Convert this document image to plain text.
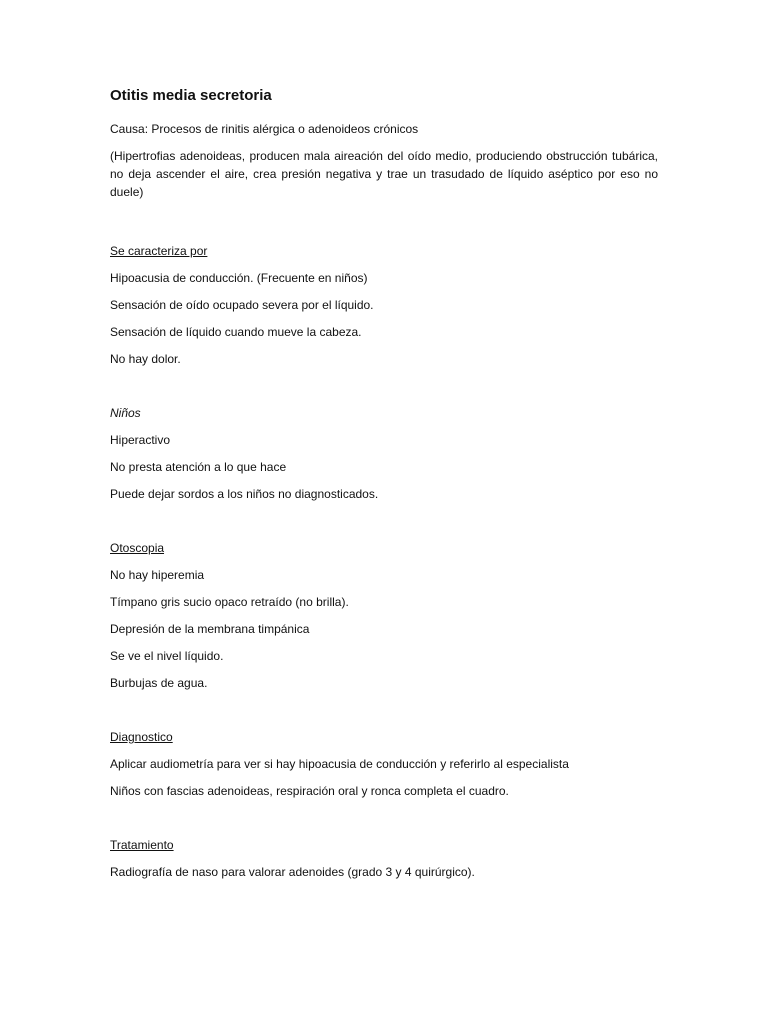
Otitis media secretoria

Causa: Procesos de rinitis alérgica o adenoideos crónicos

(Hipertrofias adenoideas, producen mala aireación del oído medio, produciendo obstrucción tubárica, no deja ascender el aire, crea presión negativa y trae un trasudado de líquido aséptico por eso no duele)

Se caracteriza por

Hipoacusia de conducción. (Frecuente en niños)

Sensación de oído ocupado severa por el líquido.

Sensación de líquido cuando mueve la cabeza.

No hay dolor.

Niños

Hiperactivo

No presta atención a lo que hace

Puede dejar sordos a los niños no diagnosticados.

Otoscopia

No hay hiperemia

Tímpano gris sucio opaco retraído (no brilla).

Depresión de la membrana timpánica

Se ve el nivel líquido.

Burbujas de agua.

Diagnostico

Aplicar audiometría para ver si hay hipoacusia de conducción y referirlo al especialista

Niños con fascias adenoideas, respiración oral y ronca completa el cuadro.

Tratamiento

Radiografía de naso para valorar adenoides (grado 3 y 4 quirúrgico).
